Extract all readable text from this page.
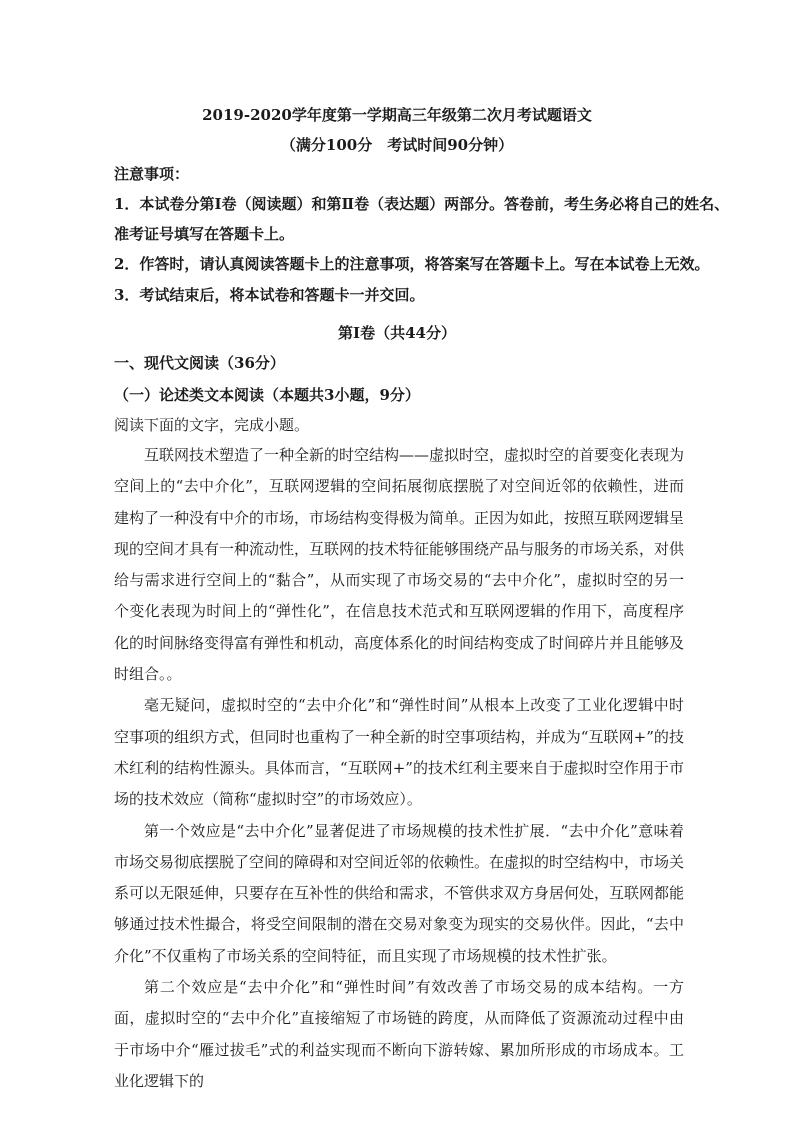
2019-2020学年度第一学期高三年级第二次月考试题语文
（满分100分　考试时间90分钟）
注意事项：
1．本试卷分第Ⅰ卷（阅读题）和第Ⅱ卷（表达题）两部分。答卷前，考生务必将自己的姓名、
准考证号填写在答题卡上。
2．作答时，请认真阅读答题卡上的注意事项，将答案写在答题卡上。写在本试卷上无效。
3．考试结束后，将本试卷和答题卡一并交回。
第Ⅰ卷（共44分）
一、现代文阅读（36分）
（一）论述类文本阅读（本题共3小题，9分）
阅读下面的文字，完成小题。
互联网技术塑造了一种全新的时空结构——虚拟时空，虚拟时空的首要变化表现为空间上的“去中介化”，互联网逻辑的空间拓展彻底摆脱了对空间近邻的依赖性，进而建构了一种没有中介的市场，市场结构变得极为简单。正因为如此，按照互联网逻辑呈现的空间才具有一种流动性，互联网的技术特征能够围绕产品与服务的市场关系，对供给与需求进行空间上的“黏合”，从而实现了市场交易的“去中介化”，虚拟时空的另一个变化表现为时间上的“弹性化”，在信息技术范式和互联网逻辑的作用下，高度程序化的时间脉络变得富有弹性和机动，高度体系化的时间结构变成了时间碎片并且能够及时组合。。
毫无疑问，虚拟时空的“去中介化”和“弹性时间”从根本上改变了工业化逻辑中时空事项的组织方式，但同时也重构了一种全新的时空事项结构，并成为“互联网+”的技术红利的结构性源头。具体而言，“互联网+”的技术红利主要来自于虚拟时空作用于市场的技术效应（简称“虚拟时空”的市场效应）。
第一个效应是“去中介化”显著促进了市场规模的技术性扩展．“去中介化”意味着市场交易彻底摆脱了空间的障碍和对空间近邻的依赖性。在虚拟的时空结构中，市场关系可以无限延伸，只要存在互补性的供给和需求，不管供求双方身居何处，互联网都能够通过技术性撮合，将受空间限制的潜在交易对象变为现实的交易伙伴。因此，“去中介化”不仅重构了市场关系的空间特征，而且实现了市场规模的技术性扩张。
第二个效应是“去中介化”和“弹性时间”有效改善了市场交易的成本结构。一方面，虚拟时空的“去中介化”直接缩短了市场链的跨度，从而降低了资源流动过程中由于市场中介“雁过拔毛”式的利益实现而不断向下游转嫁、累加所形成的市场成本。工业化逻辑下的
